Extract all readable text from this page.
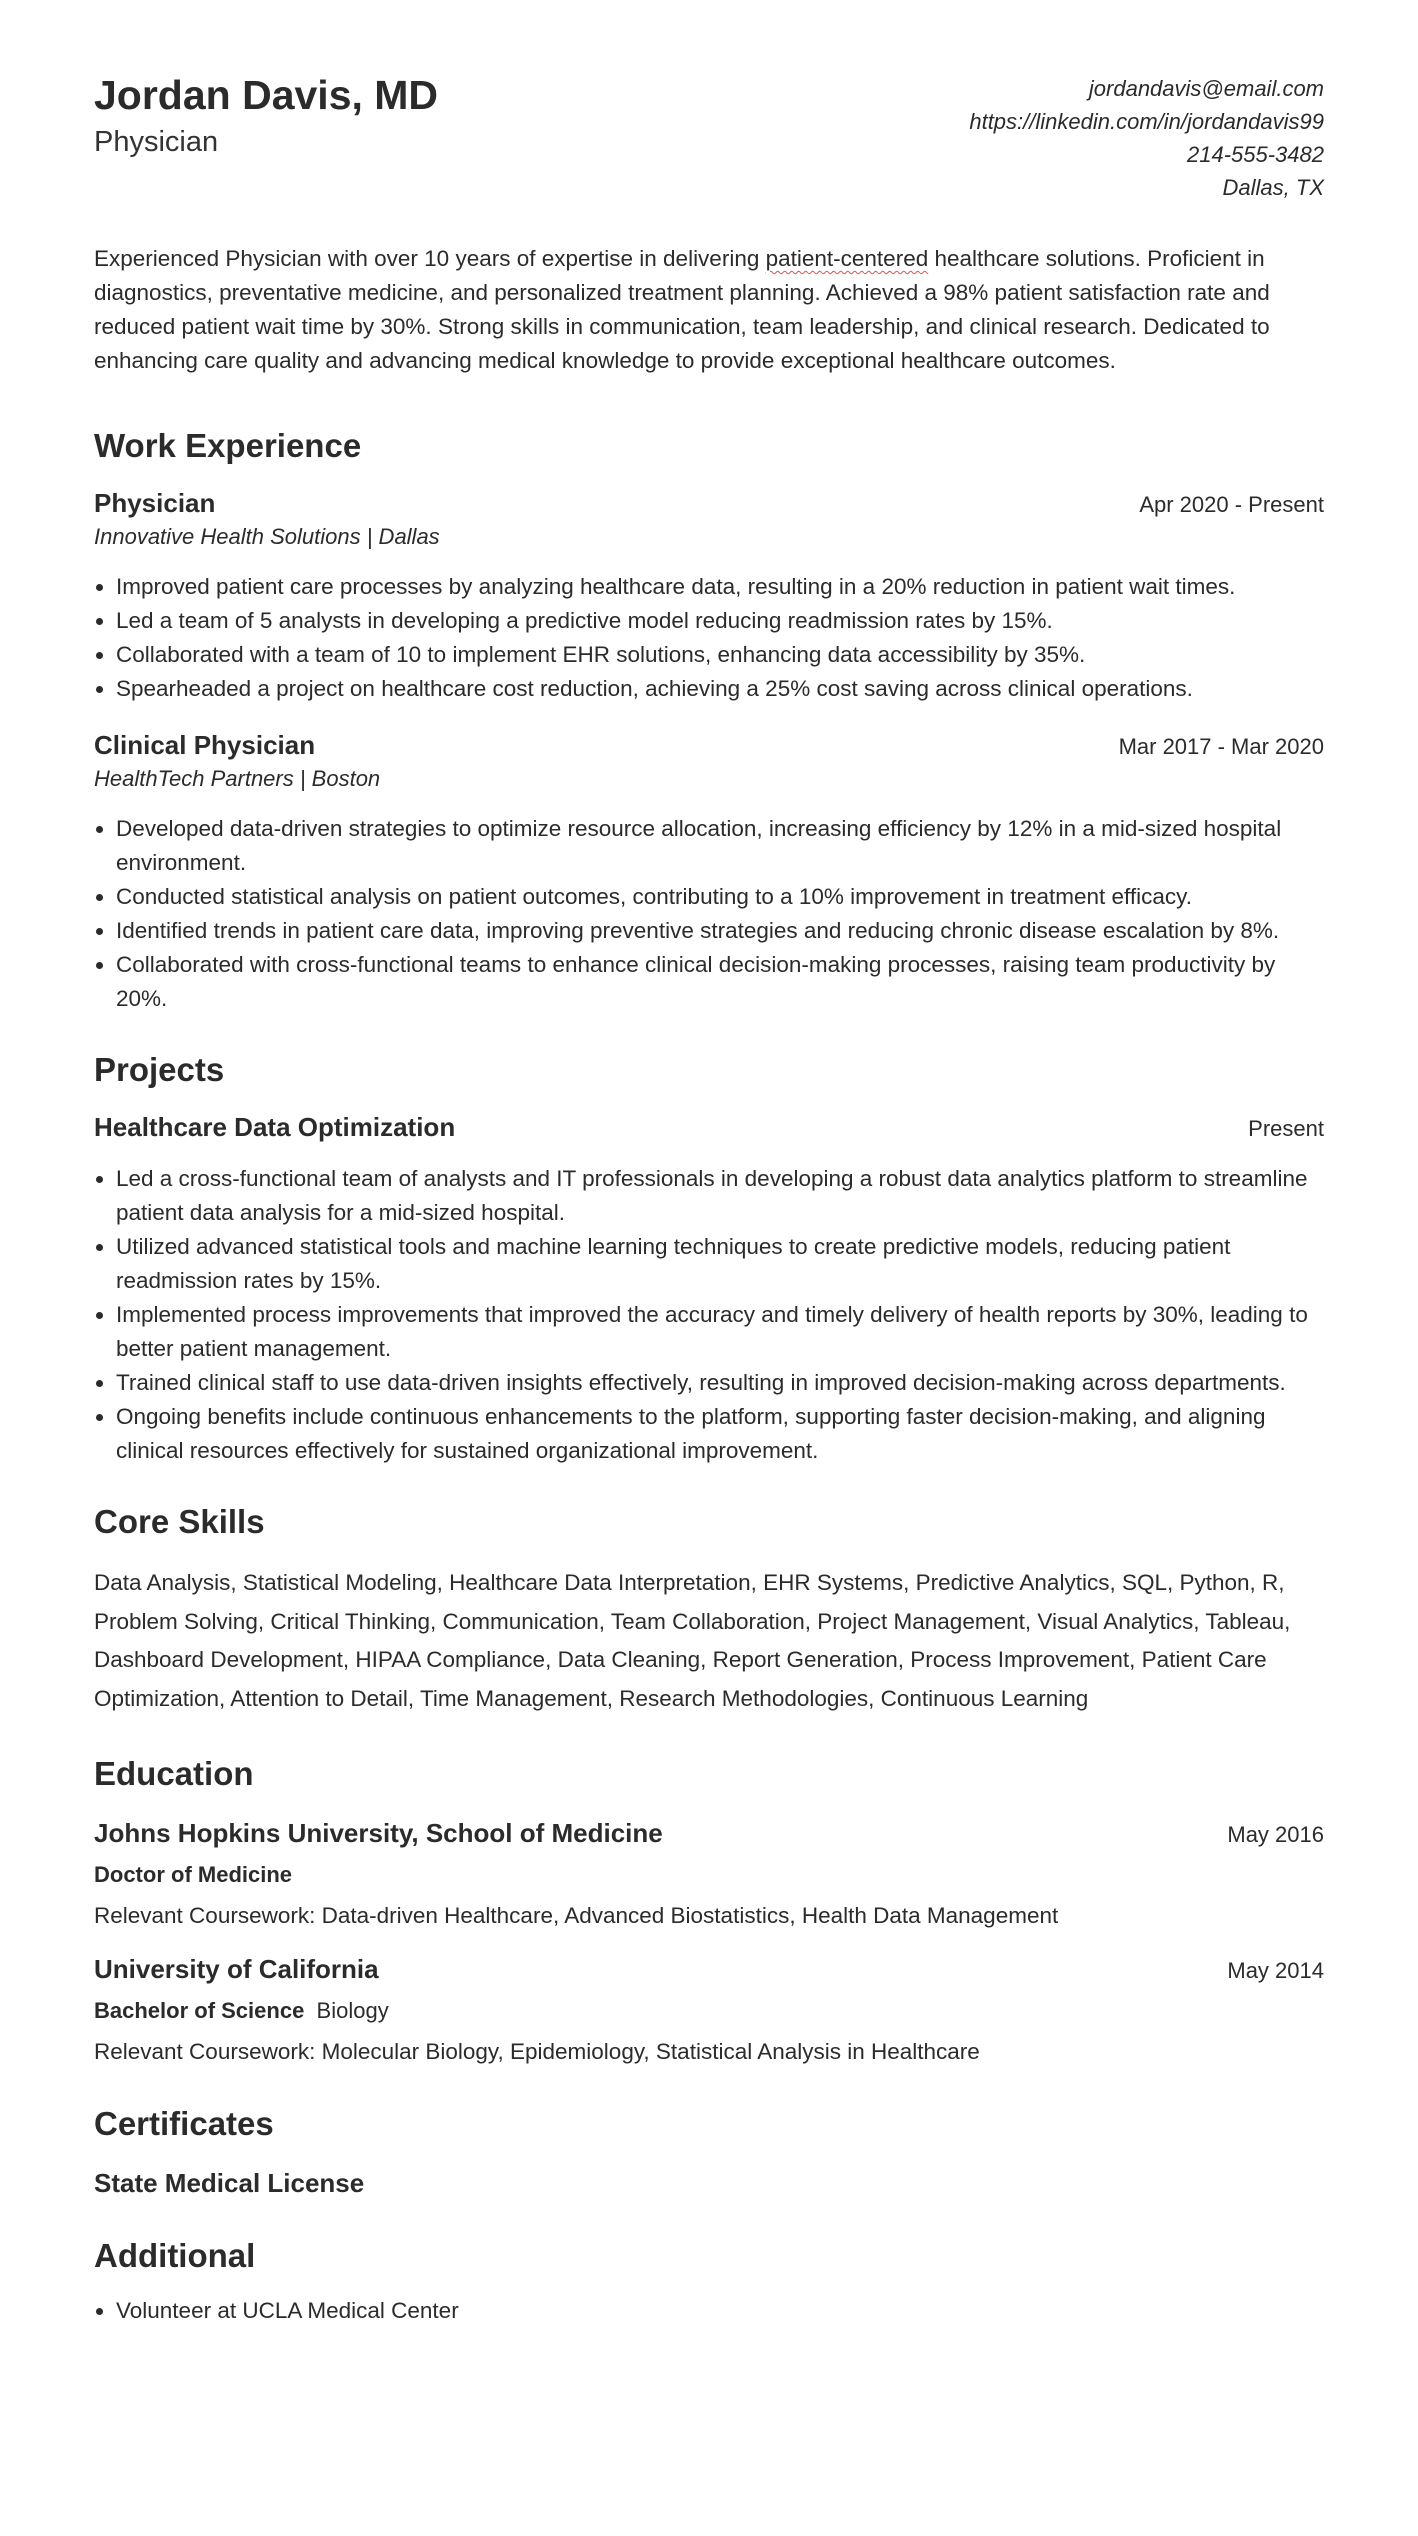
Jordan Davis, MD
Physician
jordandavis@email.com
https://linkedin.com/in/jordandavis99
214-555-3482
Dallas, TX
Experienced Physician with over 10 years of expertise in delivering patient-centered healthcare solutions. Proficient in diagnostics, preventative medicine, and personalized treatment planning. Achieved a 98% patient satisfaction rate and reduced patient wait time by 30%. Strong skills in communication, team leadership, and clinical research. Dedicated to enhancing care quality and advancing medical knowledge to provide exceptional healthcare outcomes.
Work Experience
Physician	Apr 2020 - Present
Innovative Health Solutions | Dallas
• Improved patient care processes by analyzing healthcare data, resulting in a 20% reduction in patient wait times.
• Led a team of 5 analysts in developing a predictive model reducing readmission rates by 15%.
• Collaborated with a team of 10 to implement EHR solutions, enhancing data accessibility by 35%.
• Spearheaded a project on healthcare cost reduction, achieving a 25% cost saving across clinical operations.
Clinical Physician	Mar 2017 - Mar 2020
HealthTech Partners | Boston
• Developed data-driven strategies to optimize resource allocation, increasing efficiency by 12% in a mid-sized hospital environment.
• Conducted statistical analysis on patient outcomes, contributing to a 10% improvement in treatment efficacy.
• Identified trends in patient care data, improving preventive strategies and reducing chronic disease escalation by 8%.
• Collaborated with cross-functional teams to enhance clinical decision-making processes, raising team productivity by 20%.
Projects
Healthcare Data Optimization	Present
• Led a cross-functional team of analysts and IT professionals in developing a robust data analytics platform to streamline patient data analysis for a mid-sized hospital.
• Utilized advanced statistical tools and machine learning techniques to create predictive models, reducing patient readmission rates by 15%.
• Implemented process improvements that improved the accuracy and timely delivery of health reports by 30%, leading to better patient management.
• Trained clinical staff to use data-driven insights effectively, resulting in improved decision-making across departments.
• Ongoing benefits include continuous enhancements to the platform, supporting faster decision-making, and aligning clinical resources effectively for sustained organizational improvement.
Core Skills
Data Analysis, Statistical Modeling, Healthcare Data Interpretation, EHR Systems, Predictive Analytics, SQL, Python, R, Problem Solving, Critical Thinking, Communication, Team Collaboration, Project Management, Visual Analytics, Tableau, Dashboard Development, HIPAA Compliance, Data Cleaning, Report Generation, Process Improvement, Patient Care Optimization, Attention to Detail, Time Management, Research Methodologies, Continuous Learning
Education
Johns Hopkins University, School of Medicine	May 2016
Doctor of Medicine
Relevant Coursework: Data-driven Healthcare, Advanced Biostatistics, Health Data Management
University of California	May 2014
Bachelor of Science Biology
Relevant Coursework: Molecular Biology, Epidemiology, Statistical Analysis in Healthcare
Certificates
State Medical License
Additional
• Volunteer at UCLA Medical Center
